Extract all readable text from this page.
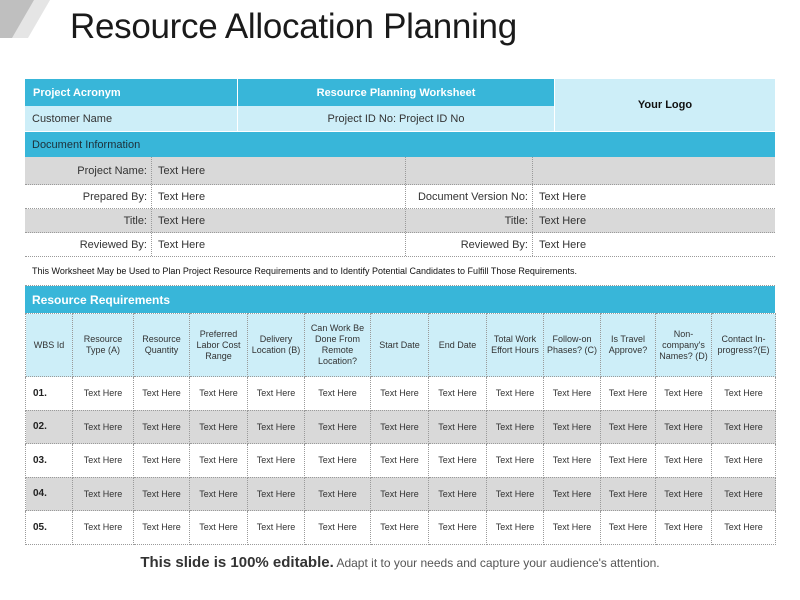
Resource Allocation Planning
Project Acronym	Resource Planning Worksheet
Customer Name	Project ID No: Project ID No
Your Logo
Document Information
Project Name:	Text Here
Prepared By:	Text Here	Document Version No:	Text Here
Title:	Text Here	Title:	Text Here
Reviewed By:	Text Here	Reviewed By:	Text Here
This Worksheet May be Used to Plan Project Resource Requirements and to Identify Potential Candidates to Fulfill Those Requirements.
Resource Requirements
WBS Id	Resource Type (A)	Resource Quantity	Preferred Labor Cost Range	Delivery Location (B)	Can Work Be Done From Remote Location?	Start Date	End Date	Total Work Effort Hours	Follow-on Phases? (C)	Is Travel Approve?	Non-company's Names? (D)	Contact In-progress?(E)
01.	Text Here	Text Here	Text Here	Text Here	Text Here	Text Here	Text Here	Text Here	Text Here	Text Here	Text Here	Text Here
02.	Text Here	Text Here	Text Here	Text Here	Text Here	Text Here	Text Here	Text Here	Text Here	Text Here	Text Here	Text Here
03.	Text Here	Text Here	Text Here	Text Here	Text Here	Text Here	Text Here	Text Here	Text Here	Text Here	Text Here	Text Here
04.	Text Here	Text Here	Text Here	Text Here	Text Here	Text Here	Text Here	Text Here	Text Here	Text Here	Text Here	Text Here
05.	Text Here	Text Here	Text Here	Text Here	Text Here	Text Here	Text Here	Text Here	Text Here	Text Here	Text Here	Text Here
This slide is 100% editable. Adapt it to your needs and capture your audience's attention.
